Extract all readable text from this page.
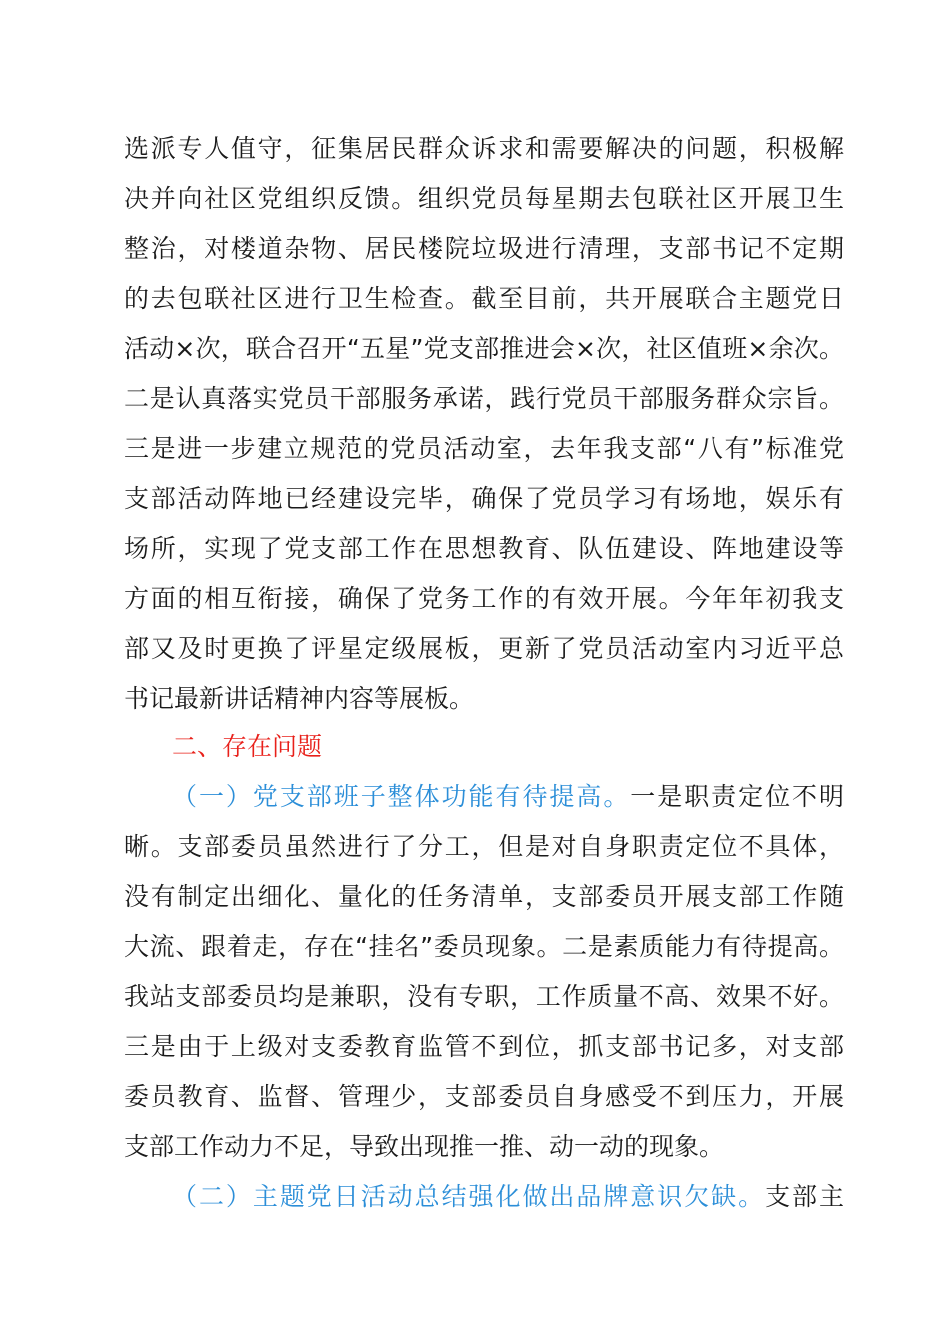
选派专人值守，征集居民群众诉求和需要解决的问题，积极解
决并向社区党组织反馈。组织党员每星期去包联社区开展卫生
整治，对楼道杂物、居民楼院垃圾进行清理，支部书记不定期
的去包联社区进行卫生检查。截至目前，共开展联合主题党日
活动×次，联合召开“五星”党支部推进会×次，社区值班×余次。
二是认真落实党员干部服务承诺，践行党员干部服务群众宗旨。
三是进一步建立规范的党员活动室，去年我支部“八有”标准党
支部活动阵地已经建设完毕，确保了党员学习有场地，娱乐有
场所，实现了党支部工作在思想教育、队伍建设、阵地建设等
方面的相互衔接，确保了党务工作的有效开展。今年年初我支
部又及时更换了评星定级展板，更新了党员活动室内习近平总
书记最新讲话精神内容等展板。
二、存在问题
（一）党支部班子整体功能有待提高。一是职责定位不明
晰。支部委员虽然进行了分工，但是对自身职责定位不具体，
没有制定出细化、量化的任务清单，支部委员开展支部工作随
大流、跟着走，存在“挂名”委员现象。二是素质能力有待提高。
我站支部委员均是兼职，没有专职，工作质量不高、效果不好。
三是由于上级对支委教育监管不到位，抓支部书记多，对支部
委员教育、监督、管理少，支部委员自身感受不到压力，开展
支部工作动力不足，导致出现推一推、动一动的现象。
（二）主题党日活动总结强化做出品牌意识欠缺。支部主
